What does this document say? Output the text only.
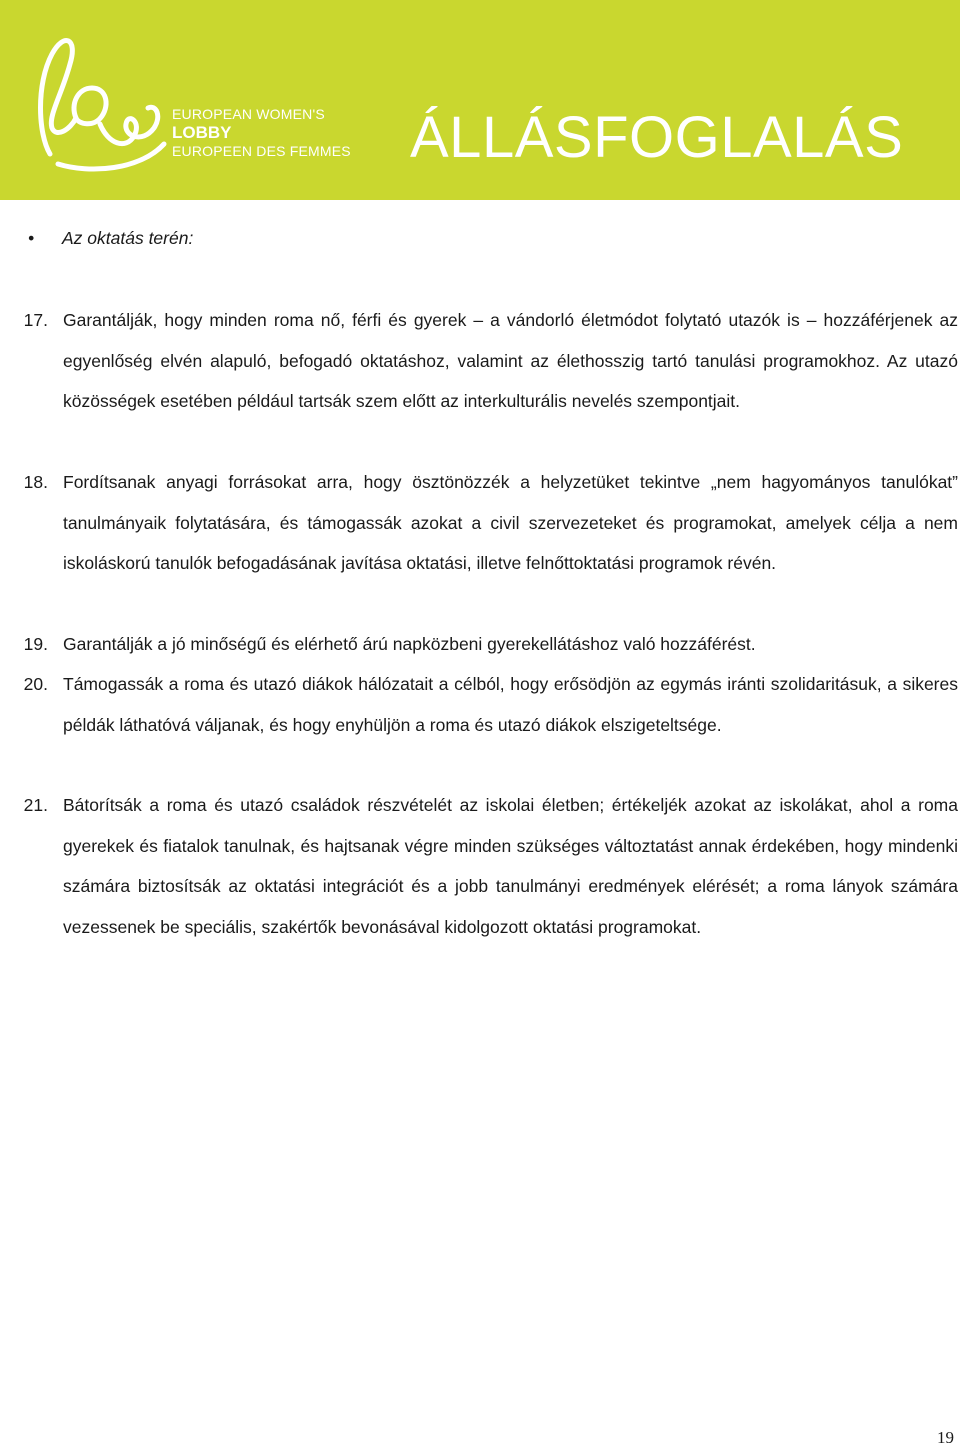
EUROPEAN WOMEN'S
LOBBY
EUROPEEN DES FEMMES ÁLLÁSFOGLALÁS
• Az oktatás terén:
17. Garantálják, hogy minden roma nő, férfi és gyerek – a vándorló életmódot folytató utazók is – hozzáférjenek az egyenlőség elvén alapuló, befogadó oktatáshoz, valamint az élethosszig tartó tanulási programokhoz. Az utazó közösségek esetében például tartsák szem előtt az interkulturális nevelés szempontjait.
18. Fordítsanak anyagi forrásokat arra, hogy ösztönözzék a helyzetüket tekintve „nem hagyományos tanulókat” tanulmányaik folytatására, és támogassák azokat a civil szervezeteket és programokat, amelyek célja a nem iskoláskorú tanulók befogadásának javítása oktatási, illetve felnőttoktatási programok révén.
19. Garantálják a jó minőségű és elérhető árú napközbeni gyerekellátáshoz való hozzáférést.
20. Támogassák a roma és utazó diákok hálózatait a célból, hogy erősödjön az egymás iránti szolidaritásuk, a sikeres példák láthatóvá váljanak, és hogy enyhüljön a roma és utazó diákok elszigeteltsége.
21. Bátorítsák a roma és utazó családok részvételét az iskolai életben; értékeljék azokat az iskolákat, ahol a roma gyerekek és fiatalok tanulnak, és hajtsanak végre minden szükséges változtatást annak érdekében, hogy mindenki számára biztosítsák az oktatási integrációt és a jobb tanulmányi eredmények elérését; a roma lányok számára vezessenek be speciális, szakértők bevonásával kidolgozott oktatási programokat.
19
